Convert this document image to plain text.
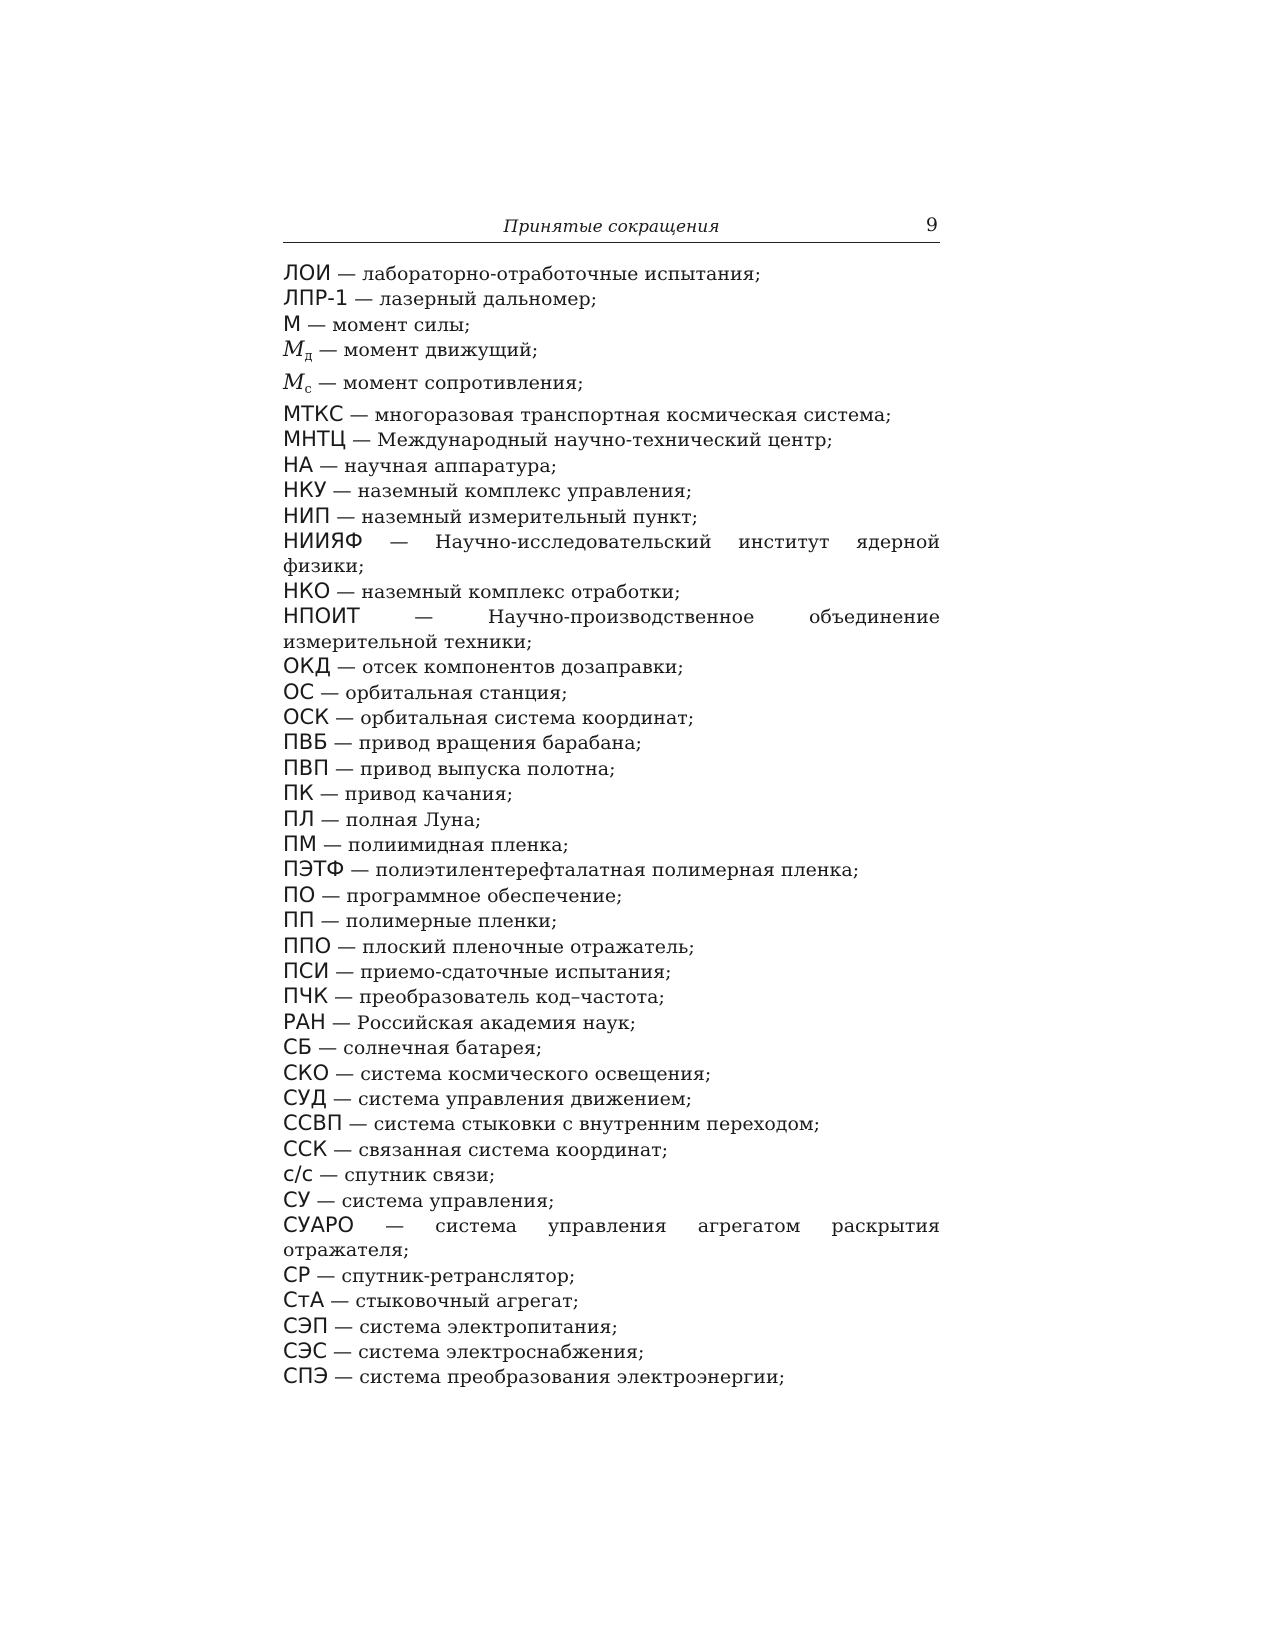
Принятые сокращения	9
ЛОИ — лабораторно-отработочные испытания;
ЛПР-1 — лазерный дальномер;
М — момент силы;
$M_д$ — момент движущий;
$M_с$ — момент сопротивления;
МТКС — многоразовая транспортная космическая система;
МНТЦ — Международный научно-технический центр;
НА — научная аппаратура;
НКУ — наземный комплекс управления;
НИП — наземный измерительный пункт;
НИИЯФ — Научно-исследовательский институт ядерной физики;
НКО — наземный комплекс отработки;
НПОИТ — Научно-производственное объединение измерительной техники;
ОКД — отсек компонентов дозаправки;
ОС — орбитальная станция;
ОСК — орбитальная система координат;
ПВБ — привод вращения барабана;
ПВП — привод выпуска полотна;
ПК — привод качания;
ПЛ — полная Луна;
ПМ — полиимидная пленка;
ПЭТФ — полиэтилентерефталатная полимерная пленка;
ПО — программное обеспечение;
ПП — полимерные пленки;
ППО — плоский пленочные отражатель;
ПСИ — приемо-сдаточные испытания;
ПЧК — преобразователь код–частота;
РАН — Российская академия наук;
СБ — солнечная батарея;
СКО — система космического освещения;
СУД — система управления движением;
ССВП — система стыковки с внутренним переходом;
ССК — связанная система координат;
с/с — спутник связи;
СУ — система управления;
СУАРО — система управления агрегатом раскрытия отражателя;
СР — спутник-ретранслятор;
СтА — стыковочный агрегат;
СЭП — система электропитания;
СЭС — система электроснабжения;
СПЭ — система преобразования электроэнергии;
